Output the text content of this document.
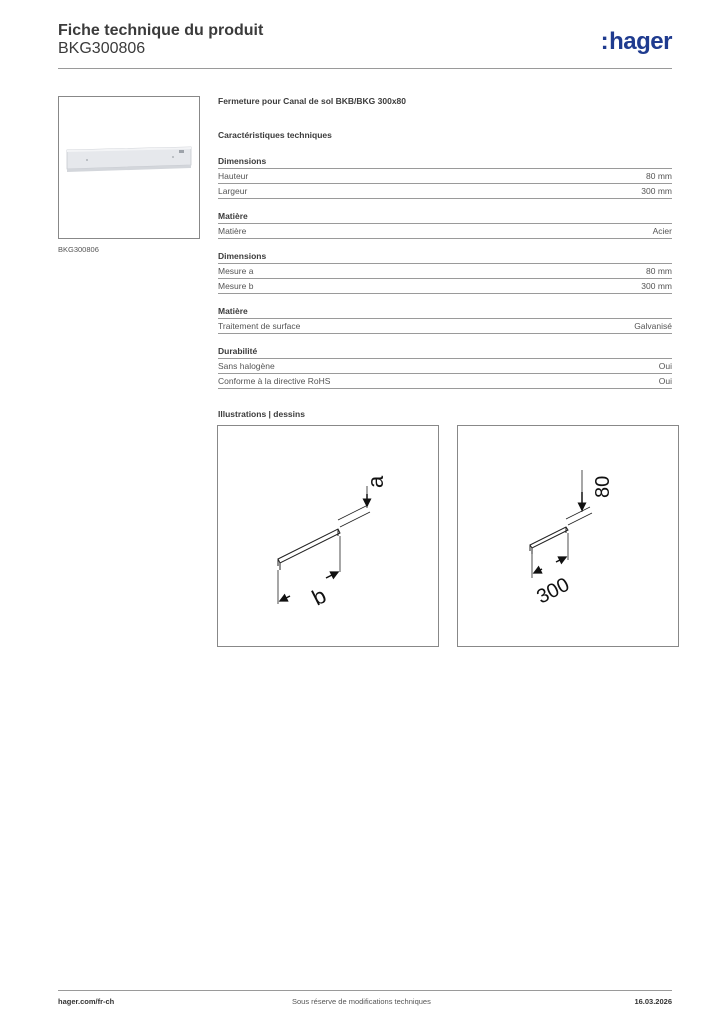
Fiche technique du produit
BKG300806	:hager
BKG300806
Fermeture pour Canal de sol BKB/BKG 300x80
Caractéristiques techniques
Dimensions
Hauteur	80 mm
Largeur	300 mm
Matière
Matière	Acier
Dimensions
Mesure a	80 mm
Mesure b	300 mm
Matière
Traitement de surface	Galvanisé
Durabilité
Sans halogène	Oui
Conforme à la directive RoHS	Oui
Illustrations | dessins
b
a
300
80
hager.com/fr-ch	Sous réserve de modifications techniques	16.03.2026
